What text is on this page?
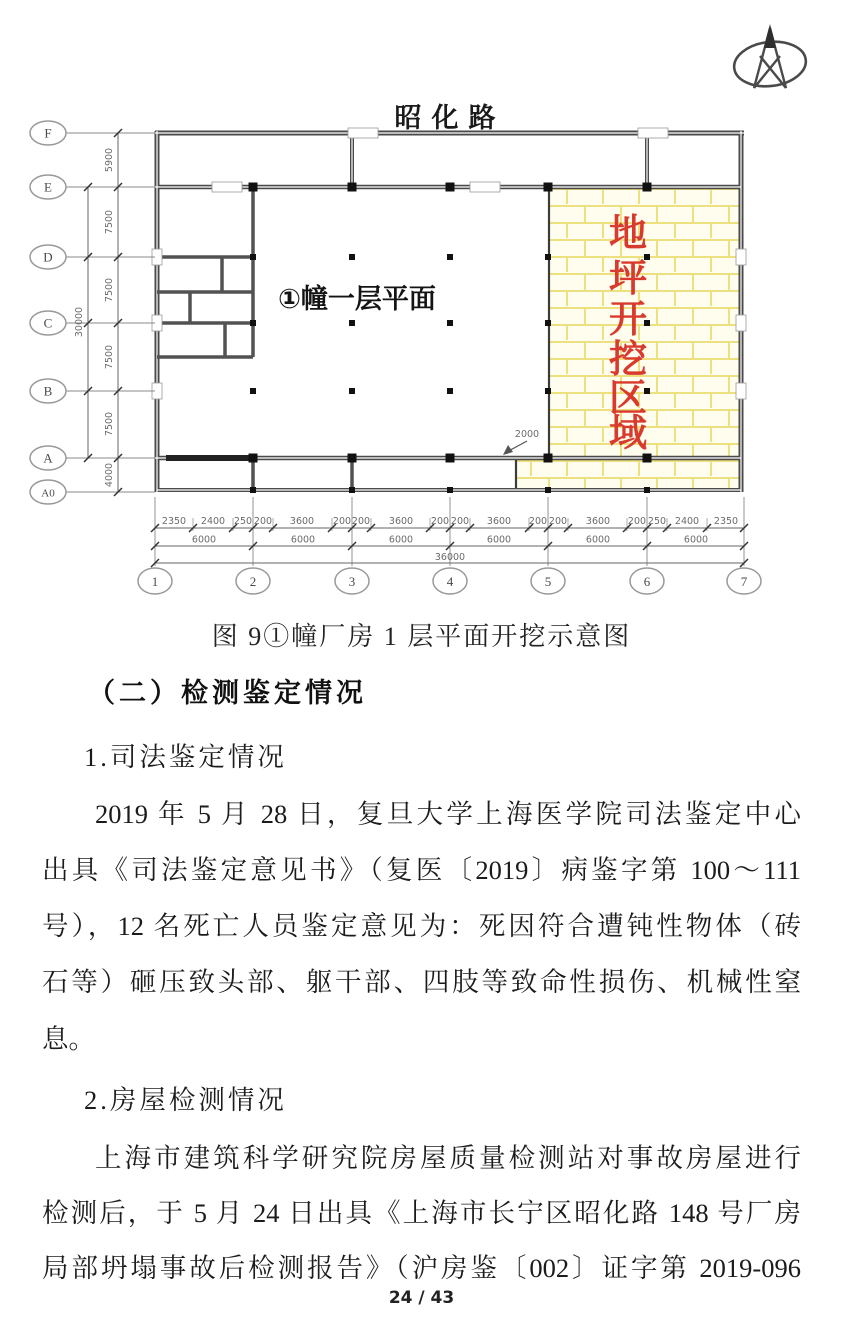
昭化路
地
坪
开
挖
区
域
①幢一层平面
2000
F
E
D
C
B
A
A0
5900
7500
7500
7500
7500
4000
30000
2350 2400 250 200 3600 200 200 3600 200 200 3600 200 200 3600 200 250 2400 2350
6000	6000	6000	6000	6000	6000
36000
1	2	3	4	5	6	7
图 9①幢厂房 1 层平面开挖示意图
（二）检测鉴定情况
1.司法鉴定情况
2019 年 5 月 28 日，复旦大学上海医学院司法鉴定中心
出具《司法鉴定意见书》（复医〔2019〕病鉴字第 100～111
号），12 名死亡人员鉴定意见为：死因符合遭钝性物体（砖
石等）砸压致头部、躯干部、四肢等致命性损伤、机械性窒
息。
2.房屋检测情况
上海市建筑科学研究院房屋质量检测站对事故房屋进行
检测后，于 5 月 24 日出具《上海市长宁区昭化路 148 号厂房
局部坍塌事故后检测报告》（沪房鉴〔002〕证字第 2019-096
24 / 43
